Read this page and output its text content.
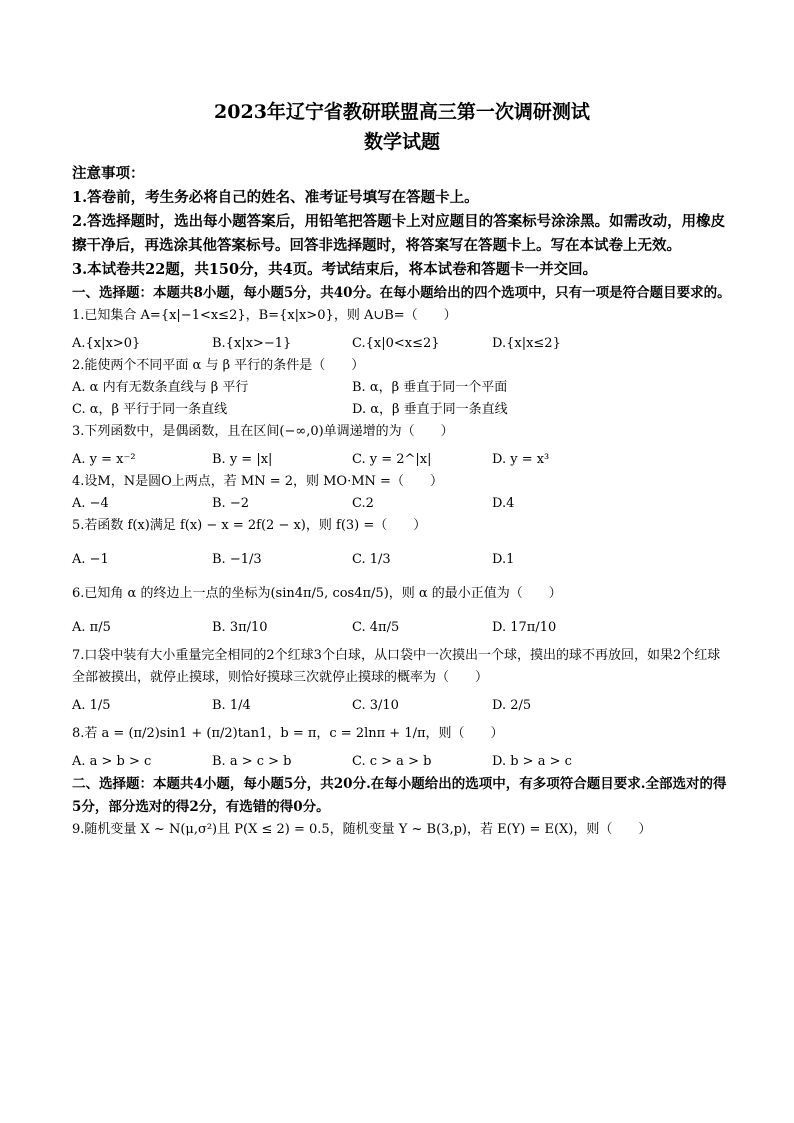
2023年辽宁省教研联盟高三第一次调研测试
数学试题
注意事项：
1.答卷前，考生务必将自己的姓名、准考证号填写在答题卡上。
2.答选择题时，选出每小题答案后，用铅笔把答题卡上对应题目的答案标号涂涂黑。如需改动，用橡皮擦干净后，再选涂其他答案标号。回答非选择题时，将答案写在答题卡上。写在本试卷上无效。
3.本试卷共22题，共150分，共4页。考试结束后，将本试卷和答题卡一并交回。
一、选择题：本题共8小题，每小题5分，共40分。在每小题给出的四个选项中，只有一项是符合题目要求的。
1.已知集合 A={x|−1<x≤2}，B={x|x>0}，则 A∪B=（　　）
A.{x|x>0}	B.{x|x>−1}	C.{x|0<x≤2}	D.{x|x≤2}
2.能使两个不同平面 α 与 β 平行的条件是（　　）
A. α 内有无数条直线与 β 平行	B. α，β 垂直于同一个平面
C. α，β 平行于同一条直线	D. α，β 垂直于同一条直线
3.下列函数中，是偶函数，且在区间(−∞,0)单调递增的为（　　）
A. y = x⁻²	B. y = |x|	C. y = 2^|x|	D. y = x³
4.设M，N是圆O上两点，若 MN = 2，则 MO·MN =（　　）
A. −4	B. −2	C.2	D.4
5.若函数 f(x)满足 f(x) − x = 2f(2 − x)，则 f(3) =（　　）
A. −1	B. −1/3	C. 1/3	D.1
6.已知角 α 的终边上一点的坐标为(sin4π/5, cos4π/5)，则 α 的最小正值为（　　）
A. π/5	B. 3π/10	C. 4π/5	D. 17π/10
7.口袋中装有大小重量完全相同的2个红球3个白球，从口袋中一次摸出一个球，摸出的球不再放回，如果2个红球全部被摸出，就停止摸球，则恰好摸球三次就停止摸球的概率为（　　）
A. 1/5	B. 1/4	C. 3/10	D. 2/5
8.若 a = (π/2)sin1 + (π/2)tan1，b = π，c = 2lnπ + 1/π，则（　　）
A. a > b > c	B. a > c > b	C. c > a > b	D. b > a > c
二、选择题：本题共4小题，每小题5分，共20分.在每小题给出的选项中，有多项符合题目要求.全部选对的得5分，部分选对的得2分，有选错的得0分。
9.随机变量 X ~ N(μ,σ²)且 P(X ≤ 2) = 0.5，随机变量 Y ~ B(3,p)，若 E(Y) = E(X)，则（　　）
